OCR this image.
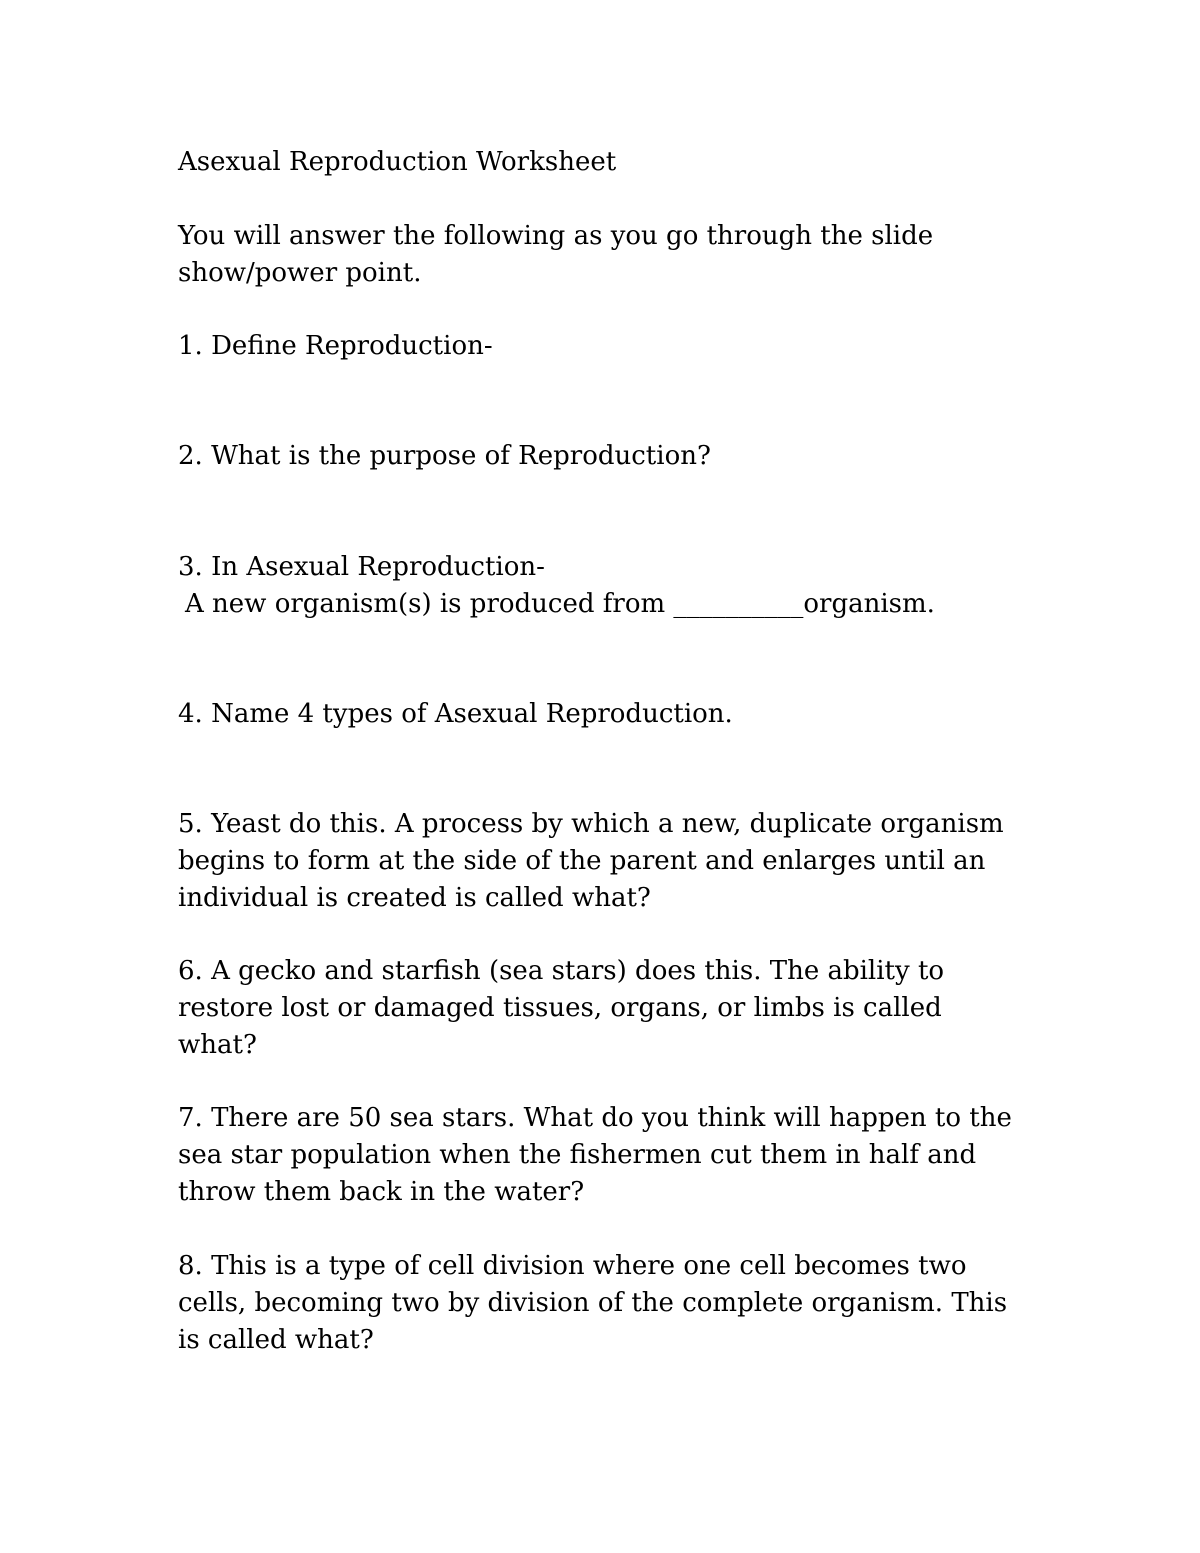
Asexual Reproduction Worksheet

You will answer the following as you go through the slide
show/power point.

1. Define Reproduction-

2. What is the purpose of Reproduction?

3. In Asexual Reproduction-
A new organism(s) is produced from __________organism.

4. Name 4 types of Asexual Reproduction.

5. Yeast do this. A process by which a new, duplicate organism
begins to form at the side of the parent and enlarges until an
individual is created is called what?

6. A gecko and starfish (sea stars) does this. The ability to
restore lost or damaged tissues, organs, or limbs is called
what?

7. There are 50 sea stars. What do you think will happen to the
sea star population when the fishermen cut them in half and
throw them back in the water?

8. This is a type of cell division where one cell becomes two
cells, becoming two by division of the complete organism. This
is called what?
